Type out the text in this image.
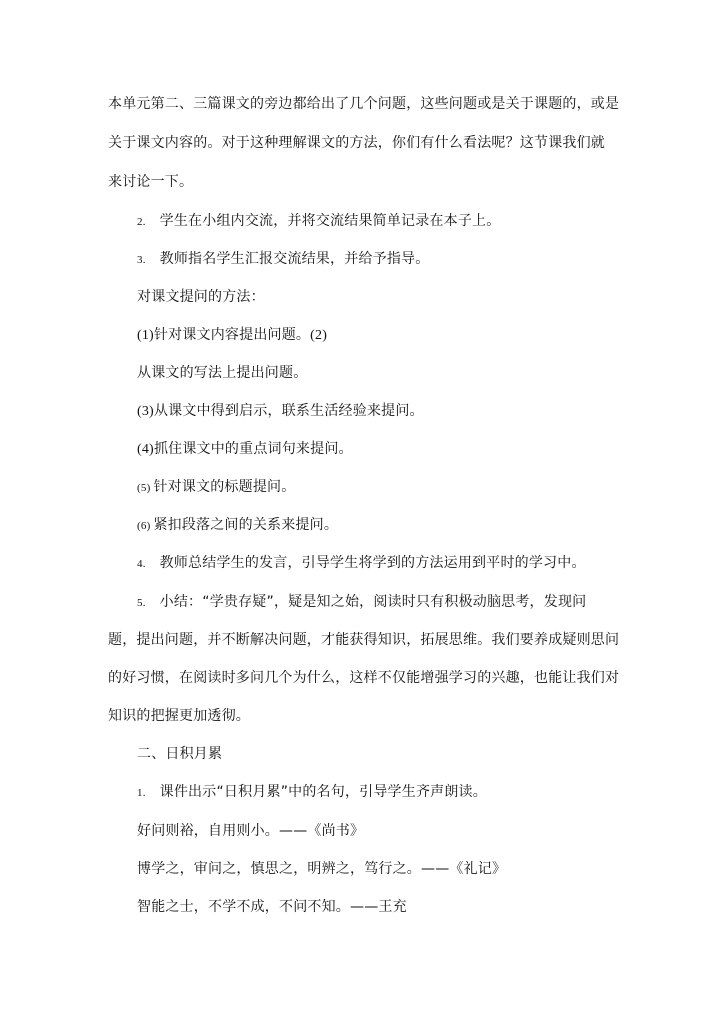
本单元第二、三篇课文的旁边都给出了几个问题，这些问题或是关于课题的，或是
关于课文内容的。对于这种理解课文的方法，你们有什么看法呢？这节课我们就
来讨论一下。
2. 学生在小组内交流，并将交流结果简单记录在本子上。
3. 教师指名学生汇报交流结果，并给予指导。
对课文提问的方法：
(1)针对课文内容提出问题。(2)
从课文的写法上提出问题。
(3)从课文中得到启示，联系生活经验来提问。
(4)抓住课文中的重点词句来提问。
(5) 针对课文的标题提问。
(6) 紧扣段落之间的关系来提问。
4. 教师总结学生的发言，引导学生将学到的方法运用到平时的学习中。
5. 小结：“学贵存疑”，疑是知之始，阅读时只有积极动脑思考，发现问
题，提出问题，并不断解决问题，才能获得知识，拓展思维。我们要养成疑则思问
的好习惯，在阅读时多问几个为什么，这样不仅能增强学习的兴趣，也能让我们对
知识的把握更加透彻。
二、日积月累
1. 课件出示“日积月累”中的名句，引导学生齐声朗读。
好问则裕，自用则小。——《尚书》
博学之，审问之，慎思之，明辨之，笃行之。——《礼记》
智能之士，不学不成，不问不知。——王充
